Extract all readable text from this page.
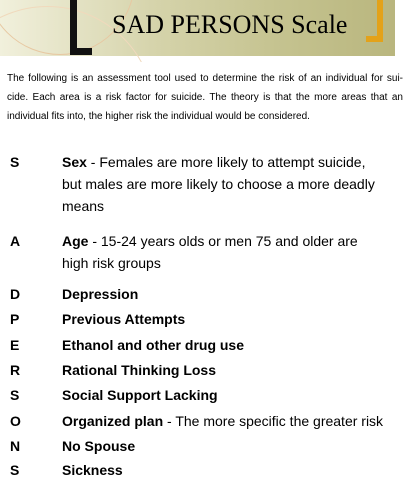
SAD PERSONS Scale

The following is an assessment tool used to determine the risk of an individual for sui- cide. Each area is a risk factor for suicide. The theory is that the more areas that an individual fits into, the higher risk the individual would be considered.

S	Sex - Females are more likely to attempt suicide,
but males are more likely to choose a more deadly
means
A	Age - 15-24 years olds or men 75 and older are
high risk groups
D	Depression
P	Previous Attempts
E	Ethanol and other drug use
R	Rational Thinking Loss
S	Social Support Lacking
O	Organized plan - The more specific the greater risk
N	No Spouse
S	Sickness
